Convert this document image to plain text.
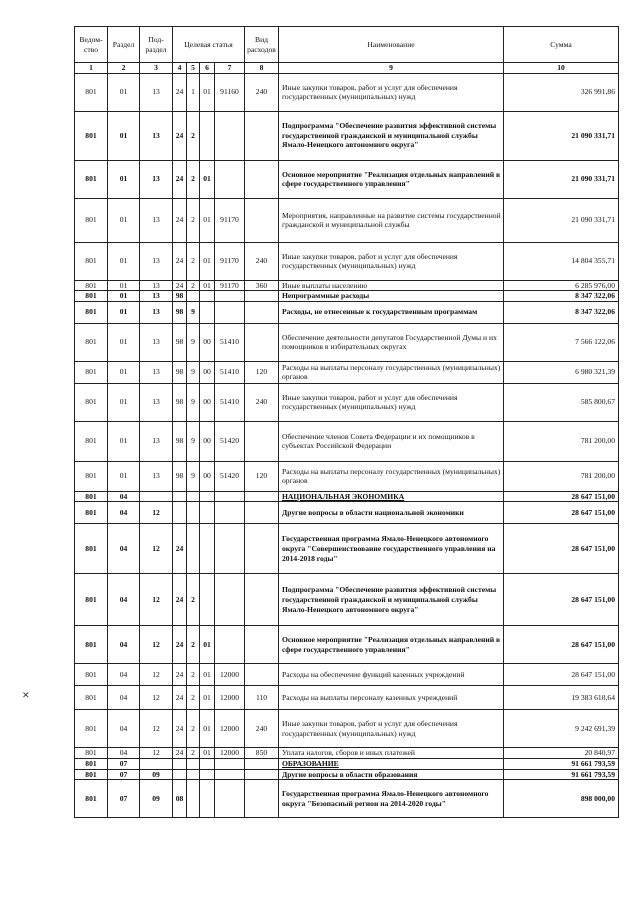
Ведом-ство	Раздел	Под-раздел	Целевая статья				Вид расходов	Наименование	Сумма
1	2	3	4	5	6	7	8	9	10
801	01	13	24	1	01	91160	240	Иные закупки товаров, работ и услуг для обеспечения государственных (муниципальных) нужд	326 991,86
801	01	13	24	2				Подпрограмма "Обеспечение развития эффективной системы государственной гражданской и муниципальной службы Ямало-Ненецкого автономного округа"	21 090 331,71
801	01	13	24	2	01			Основное мероприятие "Реализация отдельных направлений в сфере государственного управления"	21 090 331,71
801	01	13	24	2	01	91170		Мероприятия, направленные на развитие системы государственной гражданской и муниципальной службы	21 090 331,71
801	01	13	24	2	01	91170	240	Иные закупки товаров, работ и услуг для обеспечения государственных (муниципальных) нужд	14 804 355,71
801	01	13	24	2	01	91170	360	Иные выплаты населению	6 285 976,00
801	01	13	98					Непрограммные расходы	8 347 322,06
801	01	13	98	9				Расходы, не отнесенные к государственным программам	8 347 322,06
801	01	13	98	9	00	51410		Обеспечение деятельности депутатов Государственной Думы и их помощников в избирательных округах	7 566 122,06
801	01	13	98	9	00	51410	120	Расходы на выплаты персоналу государственных (муниципальных) органов	6 980 321,39
801	01	13	98	9	00	51410	240	Иные закупки товаров, работ и услуг для обеспечения государственных (муниципальных) нужд	585 800,67
801	01	13	98	9	00	51420		Обеспечение членов Совета Федерации и их помощников в субъектах Российской Федерации	781 200,00
801	01	13	98	9	00	51420	120	Расходы на выплаты персоналу государственных (муниципальных) органов	781 200,00
801	04							НАЦИОНАЛЬНАЯ ЭКОНОМИКА	28 647 151,00
801	04	12						Другие вопросы в области национальной экономики	28 647 151,00
801	04	12	24					Государственная программа Ямало-Ненецкого автономного округа "Совершенствование государственного управления на 2014-2018 годы"	28 647 151,00
801	04	12	24	2				Подпрограмма "Обеспечение развития эффективной системы государственной гражданской и муниципальной службы Ямало-Ненецкого автономного округа"	28 647 151,00
801	04	12	24	2	01			Основное мероприятие "Реализация отдельных направлений в сфере государственного управления"	28 647 151,00
801	04	12	24	2	01	12000		Расходы на обеспечение функций казенных учреждений	28 647 151,00
801	04	12	24	2	01	12000	110	Расходы на выплаты персоналу казенных учреждений	19 383 618,64
801	04	12	24	2	01	12000	240	Иные закупки товаров, работ и услуг для обеспечения государственных (муниципальных) нужд	9 242 691,39
801	04	12	24	2	01	12000	850	Уплата налогов, сборов и иных платежей	20 840,97
801	07							ОБРАЗОВАНИЕ	91 661 793,59
801	07	09						Другие вопросы в области образования	91 661 793,59
801	07	09	08					Государственная программа Ямало-Ненецкого автономного округа "Безопасный регион на 2014-2020 годы"	898 000,00
✕
